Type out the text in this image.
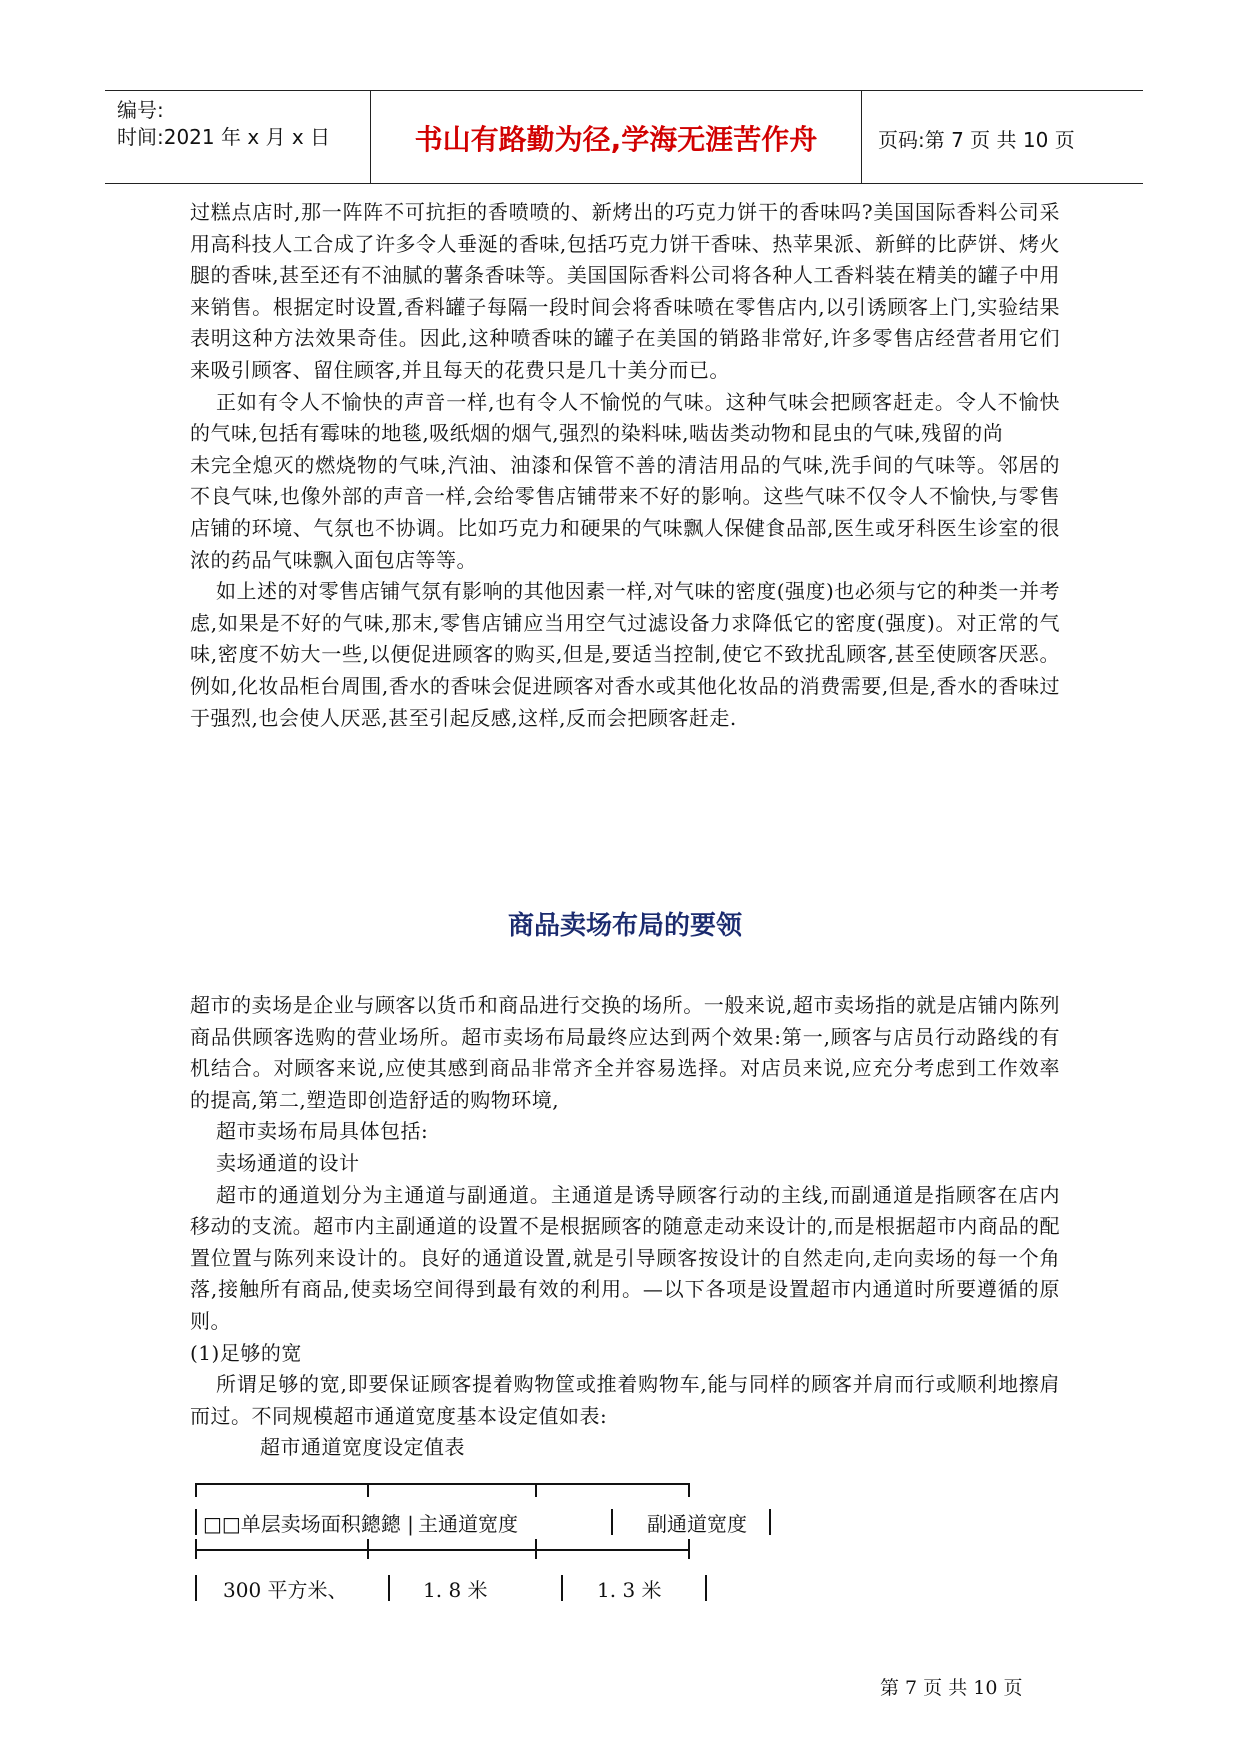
编号:
时间:2021 年 x 月 x 日	书山有路勤为径,学海无涯苦作舟	页码:第 7 页 共 10 页

过糕点店时,那一阵阵不可抗拒的香喷喷的、新烤出的巧克力饼干的香味吗?美国国际香料公司采用高科技人工合成了许多令人垂涎的香味,包括巧克力饼干香味、热苹果派、新鲜的比萨饼、烤火腿的香味,甚至还有不油腻的薯条香味等。美国国际香料公司将各种人工香料装在精美的罐子中用来销售。根据定时设置,香料罐子每隔一段时间会将香味喷在零售店内,以引诱顾客上门,实验结果表明这种方法效果奇佳。因此,这种喷香味的罐子在美国的销路非常好,许多零售店经营者用它们来吸引顾客、留住顾客,并且每天的花费只是几十美分而已。

正如有令人不愉快的声音一样,也有令人不愉悦的气味。这种气味会把顾客赶走。令人不愉快的气味,包括有霉味的地毯,吸纸烟的烟气,强烈的染料味,啮齿类动物和昆虫的气味,残留的尚

未完全熄灭的燃烧物的气味,汽油、油漆和保管不善的清洁用品的气味,洗手间的气味等。邻居的不良气味,也像外部的声音一样,会给零售店铺带来不好的影响。这些气味不仅令人不愉快,与零售店铺的环境、气氛也不协调。比如巧克力和硬果的气味飘人保健食品部,医生或牙科医生诊室的很浓的药品气味飘入面包店等等。

如上述的对零售店铺气氛有影响的其他因素一样,对气味的密度(强度)也必须与它的种类一并考虑,如果是不好的气味,那末,零售店铺应当用空气过滤设备力求降低它的密度(强度)。对正常的气味,密度不妨大一些,以便促进顾客的购买,但是,要适当控制,使它不致扰乱顾客,甚至使顾客厌恶。例如,化妆品柜台周围,香水的香味会促进顾客对香水或其他化妆品的消费需要,但是,香水的香味过于强烈,也会使人厌恶,甚至引起反感,这样,反而会把顾客赶走.

商品卖场布局的要领

超市的卖场是企业与顾客以货币和商品进行交换的场所。一般来说,超市卖场指的就是店铺内陈列商品供顾客选购的营业场所。超市卖场布局最终应达到两个效果:第一,顾客与店员行动路线的有机结合。对顾客来说,应使其感到商品非常齐全并容易选择。对店员来说,应充分考虑到工作效率的提高,第二,塑造即创造舒适的购物环境,

超市卖场布局具体包括:

卖场通道的设计

超市的通道划分为主通道与副通道。主通道是诱导顾客行动的主线,而副通道是指顾客在店内移动的支流。超市内主副通道的设置不是根据顾客的随意走动来设计的,而是根据超市内商品的配置位置与陈列来设计的。良好的通道设置,就是引导顾客按设计的自然走向,走向卖场的每一个角落,接触所有商品,使卖场空间得到最有效的利用。—以下各项是设置超市内通道时所要遵循的原则。

(1)足够的宽

所谓足够的宽,即要保证顾客提着购物筐或推着购物车,能与同样的顾客并肩而行或顺利地擦肩而过。不同规模超市通道宽度基本设定值如表:

超市通道宽度设定值表

□□单层卖场面积鏓鏓 | 主通道宽度	副通道宽度
300 平方米、	1. 8 米	1. 3 米
第 7 页 共 10 页
